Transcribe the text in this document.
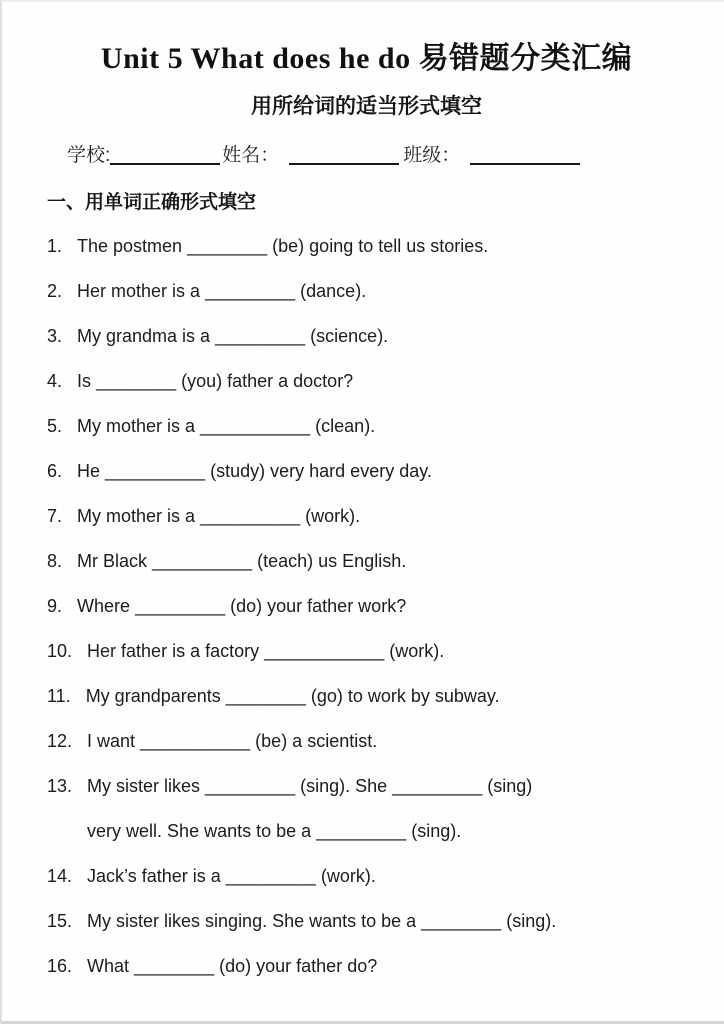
Unit 5 What does he do 易错题分类汇编
用所给词的适当形式填空
学校:	姓名：	班级：
一、用单词正确形式填空
1. The postmen ________ (be) going to tell us stories.
2. Her mother is a _________ (dance).
3. My grandma is a _________ (science).
4. Is ________ (you) father a doctor?
5. My mother is a ___________ (clean).
6. He __________ (study) very hard every day.
7. My mother is a __________ (work).
8. Mr Black __________ (teach) us English.
9. Where _________ (do) your father work?
10. Her father is a factory ____________ (work).
11. My grandparents ________ (go) to work by subway.
12. I want ___________ (be) a scientist.
13. My sister likes _________ (sing). She _________ (sing)
very well. She wants to be a _________ (sing).
14. Jack’s father is a _________ (work).
15. My sister likes singing. She wants to be a ________ (sing).
16. What ________ (do) your father do?
